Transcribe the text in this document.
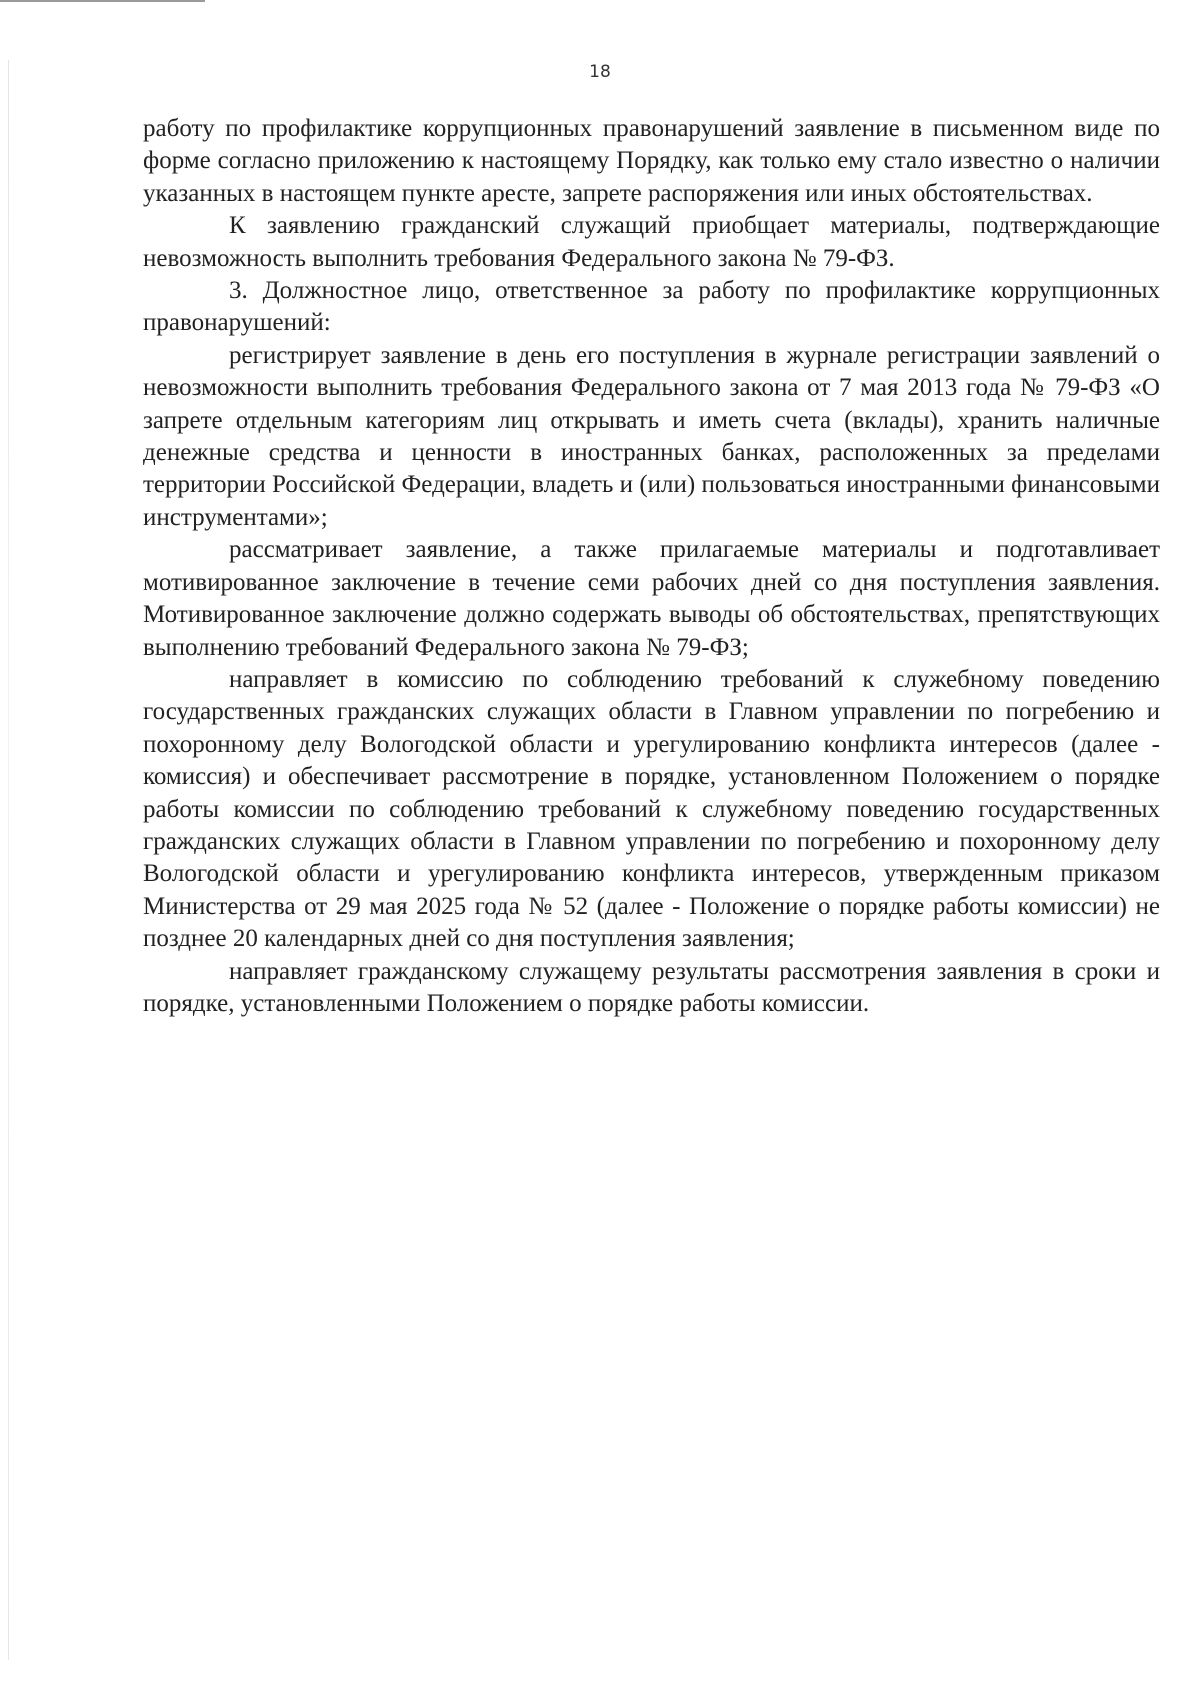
18

работу по профилактике коррупционных правонарушений заявление в письменном виде по форме согласно приложению к настоящему Порядку, как только ему стало известно о наличии указанных в настоящем пункте аресте, запрете распоряжения или иных обстоятельствах.

К заявлению гражданский служащий приобщает материалы, подтверждающие невозможность выполнить требования Федерального закона № 79-ФЗ.

3. Должностное лицо, ответственное за работу по профилактике коррупционных правонарушений:

регистрирует заявление в день его поступления в журнале регистрации заявлений о невозможности выполнить требования Федерального закона от 7 мая 2013 года № 79-ФЗ «О запрете отдельным категориям лиц открывать и иметь счета (вклады), хранить наличные денежные средства и ценности в иностранных банках, расположенных за пределами территории Российской Федерации, владеть и (или) пользоваться иностранными финансовыми инструментами»;

рассматривает заявление, а также прилагаемые материалы и подготавливает мотивированное заключение в течение семи рабочих дней со дня поступления заявления. Мотивированное заключение должно содержать выводы об обстоятельствах, препятствующих выполнению требований Федерального закона № 79-ФЗ;

направляет в комиссию по соблюдению требований к служебному поведению государственных гражданских служащих области в Главном управлении по погребению и похоронному делу Вологодской области и урегулированию конфликта интересов (далее - комиссия) и обеспечивает рассмотрение в порядке, установленном Положением о порядке работы комиссии по соблюдению требований к служебному поведению государственных гражданских служащих области в Главном управлении по погребению и похоронному делу Вологодской области и урегулированию конфликта интересов, утвержденным приказом Министерства от 29 мая 2025 года № 52 (далее - Положение о порядке работы комиссии) не позднее 20 календарных дней со дня поступления заявления;

направляет гражданскому служащему результаты рассмотрения заявления в сроки и порядке, установленными Положением о порядке работы комиссии.
